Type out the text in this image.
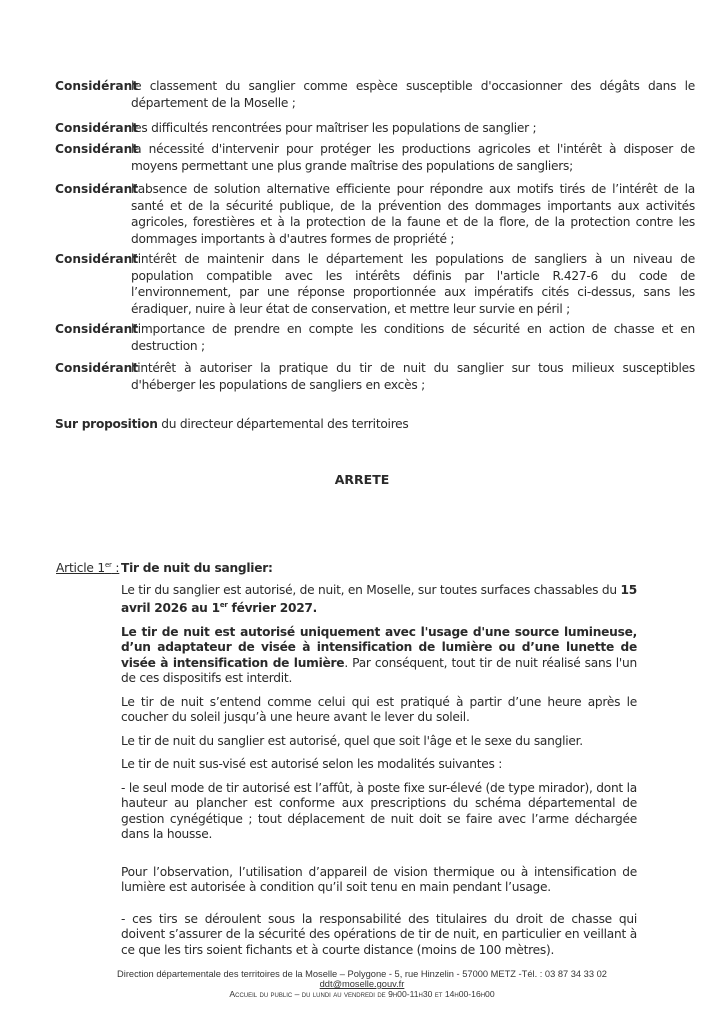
Considérant
le classement du sanglier comme espèce susceptible d'occasionner des dégâts dans le département de la Moselle ;
Considérant
les difficultés rencontrées pour maîtriser les populations de sanglier ;
Considérant
la nécessité d'intervenir pour protéger les productions agricoles et l'intérêt à disposer de moyens permettant une plus grande maîtrise des populations de sangliers;
Considérant
l’absence de solution alternative efficiente pour répondre aux motifs tirés de l’intérêt de la santé et de la sécurité publique, de la prévention des dommages importants aux activités agricoles, forestières et à la protection de la faune et de la flore, de la protection contre les dommages importants à d'autres formes de propriété ;
Considérant
l’intérêt de maintenir dans le département les populations de sangliers à un niveau de population compatible avec les intérêts définis par l'article R.427-6 du code de l’environnement, par une réponse proportionnée aux impératifs cités ci-dessus, sans les éradiquer, nuire à leur état de conservation, et mettre leur survie en péril ;
Considérant
l’importance de prendre en compte les conditions de sécurité en action de chasse et en destruction ;
Considérant
l'intérêt à autoriser la pratique du tir de nuit du sanglier sur tous milieux susceptibles d'héberger les populations de sangliers en excès ;
Sur proposition du directeur départemental des territoires
ARRETE
Article 1er : Tir de nuit du sanglier:

Le tir du sanglier est autorisé, de nuit, en Moselle, sur toutes surfaces chassables du 15 avril 2026 au 1er février 2027.

Le tir de nuit est autorisé uniquement avec l'usage d'une source lumineuse, d’un adaptateur de visée à intensification de lumière ou d’une lunette de visée à intensification de lumière. Par conséquent, tout tir de nuit réalisé sans l'un de ces dispositifs est interdit.

Le tir de nuit s’entend comme celui qui est pratiqué à partir d’une heure après le coucher du soleil jusqu’à une heure avant le lever du soleil.

Le tir de nuit du sanglier est autorisé, quel que soit l'âge et le sexe du sanglier.

Le tir de nuit sus-visé est autorisé selon les modalités suivantes :

- le seul mode de tir autorisé est l’affût, à poste fixe sur-élevé (de type mirador), dont la hauteur au plancher est conforme aux prescriptions du schéma départemental de gestion cynégétique ; tout déplacement de nuit doit se faire avec l’arme déchargée dans la housse.

Pour l’observation, l’utilisation d’appareil de vision thermique ou à intensification de lumière est autorisée à condition qu’il soit tenu en main pendant l’usage.

- ces tirs se déroulent sous la responsabilité des titulaires du droit de chasse qui doivent s’assurer de la sécurité des opérations de tir de nuit, en particulier en veillant à ce que les tirs soient fichants et à courte distance (moins de 100 mètres).

Direction départementale des territoires de la Moselle – Polygone - 5, rue Hinzelin - 57000 METZ -Tél. : 03 87 34 33 02
ddt@moselle.gouv.fr
Accueil du public – du lundi au vendredi de 9h00-11h30 et 14h00-16h00
